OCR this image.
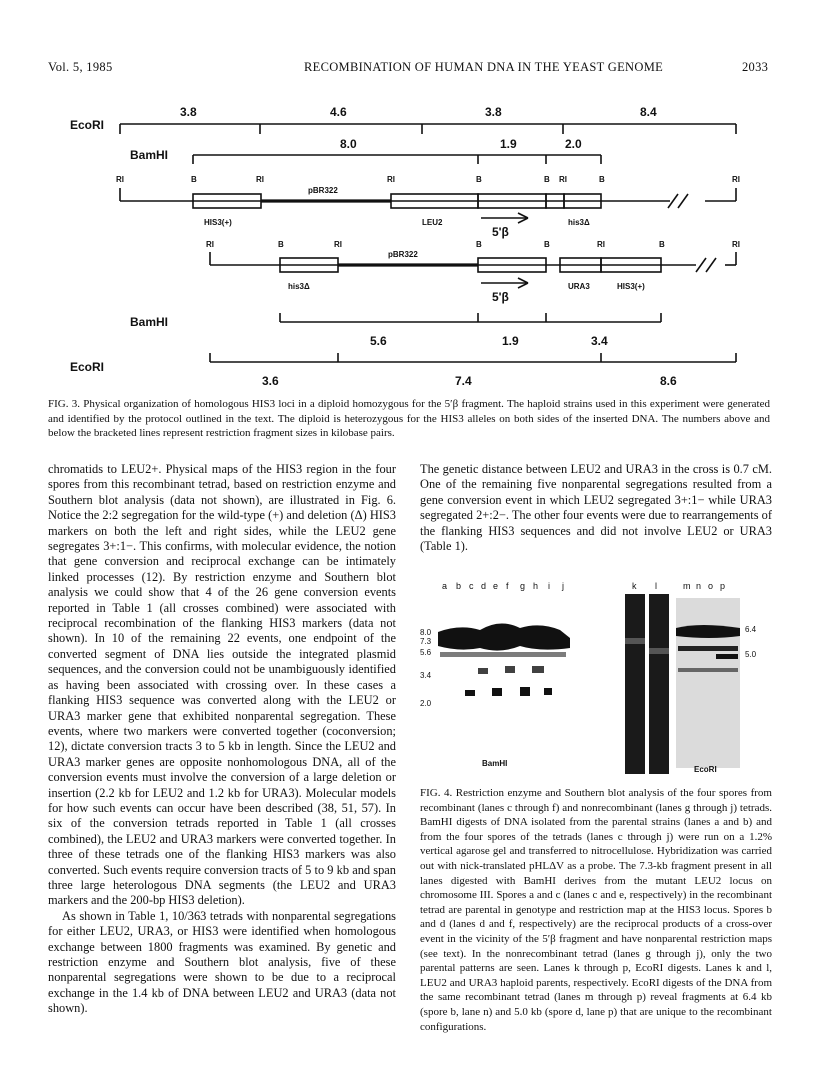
Vol. 5, 1985	RECOMBINATION OF HUMAN DNA IN THE YEAST GENOME	2033
EcoRI
3.8	4.6	3.8	8.4
BamHI
8.0	1.9	2.0
RI	B	RI	RI	B	B RI	B	RI
HIS3(+)
pBR322
LEU2	his3Δ
RI	B	RI	B	B	RI	B	RI
his3Δ
pBR322
URA3	HIS3(+)
5'β
5'β
BamHI
5.6	1.9	3.4
EcoRI
3.6	7.4	8.6
FIG. 3. Physical organization of homologous HIS3 loci in a diploid homozygous for the 5′β fragment. The haploid strains used in this experiment were generated and identified by the protocol outlined in the text. The diploid is heterozygous for the HIS3 alleles on both sides of the inserted DNA. The numbers above and below the bracketed lines represent restriction fragment sizes in kilobase pairs.

chromatids to LEU2+. Physical maps of the HIS3 region in the four spores from this recombinant tetrad, based on restriction enzyme and Southern blot analysis (data not shown), are illustrated in Fig. 6. Notice the 2:2 segregation for the wild-type (+) and deletion (Δ) HIS3 markers on both the left and right sides, while the LEU2 gene segregates 3+:1−. This confirms, with molecular evidence, the notion that gene conversion and reciprocal exchange can be intimately linked processes (12). By restriction enzyme and Southern blot analysis we could show that 4 of the 26 gene conversion events reported in Table 1 (all crosses combined) were associated with reciprocal recombination of the flanking HIS3 markers (data not shown). In 10 of the remaining 22 events, one endpoint of the converted segment of DNA lies outside the integrated plasmid sequences, and the conversion could not be unambiguously identified as having been associated with crossing over. In these cases a flanking HIS3 sequence was converted along with the LEU2 or URA3 marker gene that exhibited nonparental segregation. These events, where two markers were converted together (coconversion; 12), dictate conversion tracts 3 to 5 kb in length. Since the LEU2 and URA3 marker genes are opposite nonhomologous DNA, all of the conversion events must involve the conversion of a large deletion or insertion (2.2 kb for LEU2 and 1.2 kb for URA3). Molecular models for how such events can occur have been described (38, 51, 57). In six of the conversion tetrads reported in Table 1 (all crosses combined), the LEU2 and URA3 markers were converted together. In three of these tetrads one of the flanking HIS3 markers was also converted. Such events require conversion tracts of 5 to 9 kb and span three large heterologous DNA segments (the LEU2 and URA3 markers and the 200-bp HIS3 deletion).

As shown in Table 1, 10/363 tetrads with nonparental segregations for either LEU2, URA3, or HIS3 were identified when homologous exchange between 1800 fragments was examined. By genetic and restriction enzyme and Southern blot analysis, five of these nonparental segregations were shown to be due to a reciprocal exchange in the 1.4 kb of DNA between LEU2 and URA3 (data not shown).

The genetic distance between LEU2 and URA3 in the cross is 0.7 cM. One of the remaining five nonparental segregations resulted from a gene conversion event in which LEU2 segregated 3+:1− while URA3 segregated 2+:2−. The other four events were due to rearrangements of the flanking HIS3 sequences and did not involve LEU2 or URA3 (Table 1).

a b c d e f g h i j	k l	m n o p
8.0
7.3
5.6
3.4
2.0
6.4
5.0
BamHI
EcoRI
FIG. 4. Restriction enzyme and Southern blot analysis of the four spores from recombinant (lanes c through f) and nonrecombinant (lanes g through j) tetrads. BamHI digests of DNA isolated from the parental strains (lanes a and b) and from the four spores of the tetrads (lanes c through j) were run on a 1.2% vertical agarose gel and transferred to nitrocellulose. Hybridization was carried out with nick-translated pHLΔV as a probe. The 7.3-kb fragment present in all lanes digested with BamHI derives from the mutant LEU2 locus on chromosome III. Spores a and c (lanes c and e, respectively) in the recombinant tetrad are parental in genotype and restriction map at the HIS3 locus. Spores b and d (lanes d and f, respectively) are the reciprocal products of a cross-over event in the vicinity of the 5′β fragment and have nonparental restriction maps (see text). In the nonrecombinant tetrad (lanes g through j), only the two parental patterns are seen. Lanes k through p, EcoRI digests. Lanes k and l, LEU2 and URA3 haploid parents, respectively. EcoRI digests of the DNA from the same recombinant tetrad (lanes m through p) reveal fragments at 6.4 kb (spore b, lane n) and 5.0 kb (spore d, lane p) that are unique to the recombinant configurations.
